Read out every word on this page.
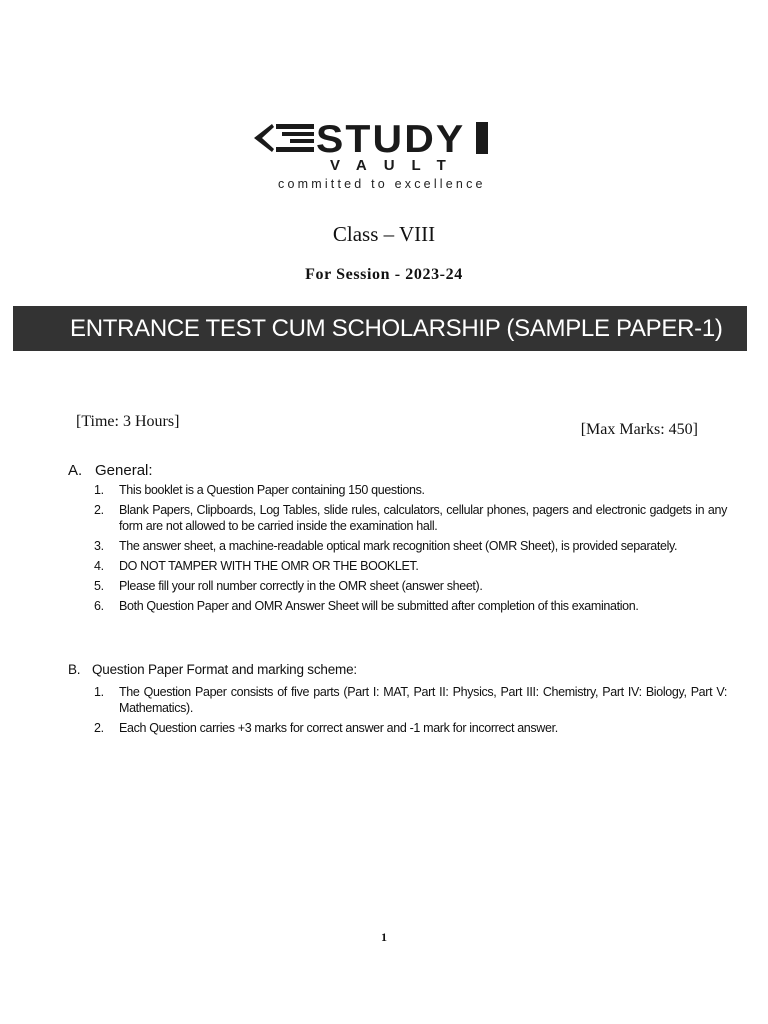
STUDY
VAULT
committed to excellence
Class – VIII
For Session - 2023-24
ENTRANCE TEST CUM SCHOLARSHIP (SAMPLE PAPER-1)
[Time: 3 Hours]	[Max Marks: 450]
A. General:
1. This booklet is a Question Paper containing 150 questions.
2. Blank Papers, Clipboards, Log Tables, slide rules, calculators, cellular phones, pagers and electronic gadgets in any form are not allowed to be carried inside the examination hall.
3. The answer sheet, a machine-readable optical mark recognition sheet (OMR Sheet), is provided separately.
4. DO NOT TAMPER WITH THE OMR OR THE BOOKLET.
5. Please fill your roll number correctly in the OMR sheet (answer sheet).
6. Both Question Paper and OMR Answer Sheet will be submitted after completion of this examination.
B. Question Paper Format and marking scheme:
1. The Question Paper consists of five parts (Part I: MAT, Part II: Physics, Part III: Chemistry, Part IV: Biology, Part V: Mathematics).
2. Each Question carries +3 marks for correct answer and -1 mark for incorrect answer.
1
